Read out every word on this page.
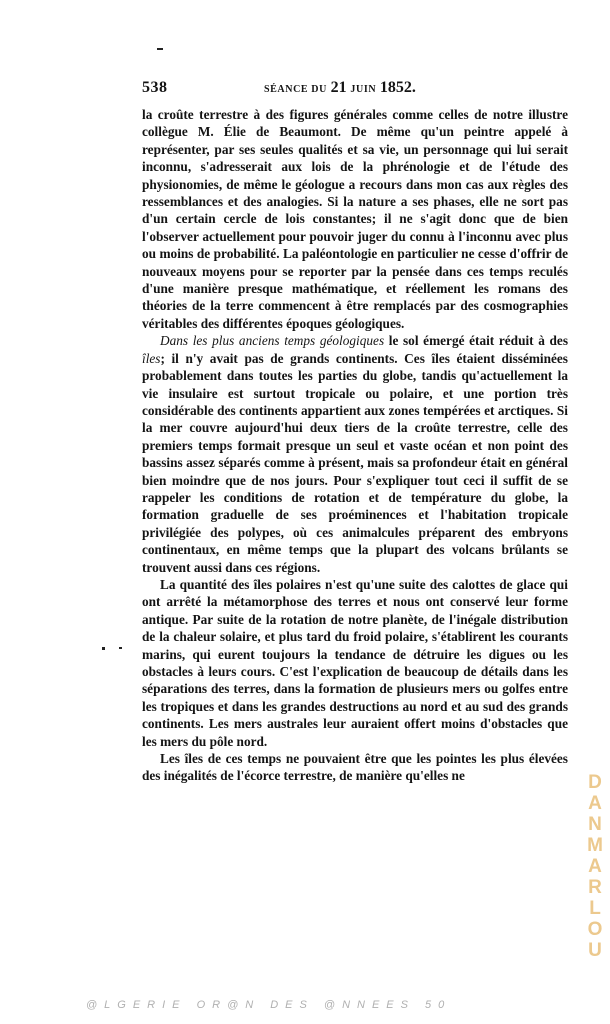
538	SÉANCE DU 21 JUIN 1852.

la croûte terrestre à des figures générales comme celles de notre illustre collègue M. Élie de Beaumont. De même qu'un peintre appelé à représenter, par ses seules qualités et sa vie, un personnage qui lui serait inconnu, s'adresserait aux lois de la phrénologie et de l'étude des physionomies, de même le géologue a recours dans mon cas aux règles des ressemblances et des analogies. Si la nature a ses phases, elle ne sort pas d'un certain cercle de lois constantes; il ne s'agit donc que de bien l'observer actuellement pour pouvoir juger du connu à l'inconnu avec plus ou moins de probabilité. La paléontologie en particulier ne cesse d'offrir de nouveaux moyens pour se reporter par la pensée dans ces temps reculés d'une manière presque mathématique, et réellement les romans des théories de la terre commencent à être remplacés par des cosmographies véritables des différentes époques géologiques.

Dans les plus anciens temps géologiques le sol émergé était réduit à des îles; il n'y avait pas de grands continents. Ces îles étaient disséminées probablement dans toutes les parties du globe, tandis qu'actuellement la vie insulaire est surtout tropicale ou polaire, et une portion très considérable des continents appartient aux zones tempérées et arctiques. Si la mer couvre aujourd'hui deux tiers de la croûte terrestre, celle des premiers temps formait presque un seul et vaste océan et non point des bassins assez séparés comme à présent, mais sa profondeur était en général bien moindre que de nos jours. Pour s'expliquer tout ceci il suffit de se rappeler les conditions de rotation et de température du globe, la formation graduelle de ses proéminences et l'habitation tropicale privilégiée des polypes, où ces animalcules préparent des embryons continentaux, en même temps que la plupart des volcans brûlants se trouvent aussi dans ces régions.

La quantité des îles polaires n'est qu'une suite des calottes de glace qui ont arrêté la métamorphose des terres et nous ont conservé leur forme antique. Par suite de la rotation de notre planète, de l'inégale distribution de la chaleur solaire, et plus tard du froid polaire, s'établirent les courants marins, qui eurent toujours la tendance de détruire les digues ou les obstacles à leurs cours. C'est l'explication de beaucoup de détails dans les séparations des terres, dans la formation de plusieurs mers ou golfes entre les tropiques et dans les grandes destructions au nord et au sud des grands continents. Les mers australes leur auraient offert moins d'obstacles que les mers du pôle nord.

Les îles de ces temps ne pouvaient être que les pointes les plus élevées des inégalités de l'écorce terrestre, de manière qu'elles ne	D
A
N
M
A
R
L
O
U
@LGERIE OR@N DES @NNEES 50
